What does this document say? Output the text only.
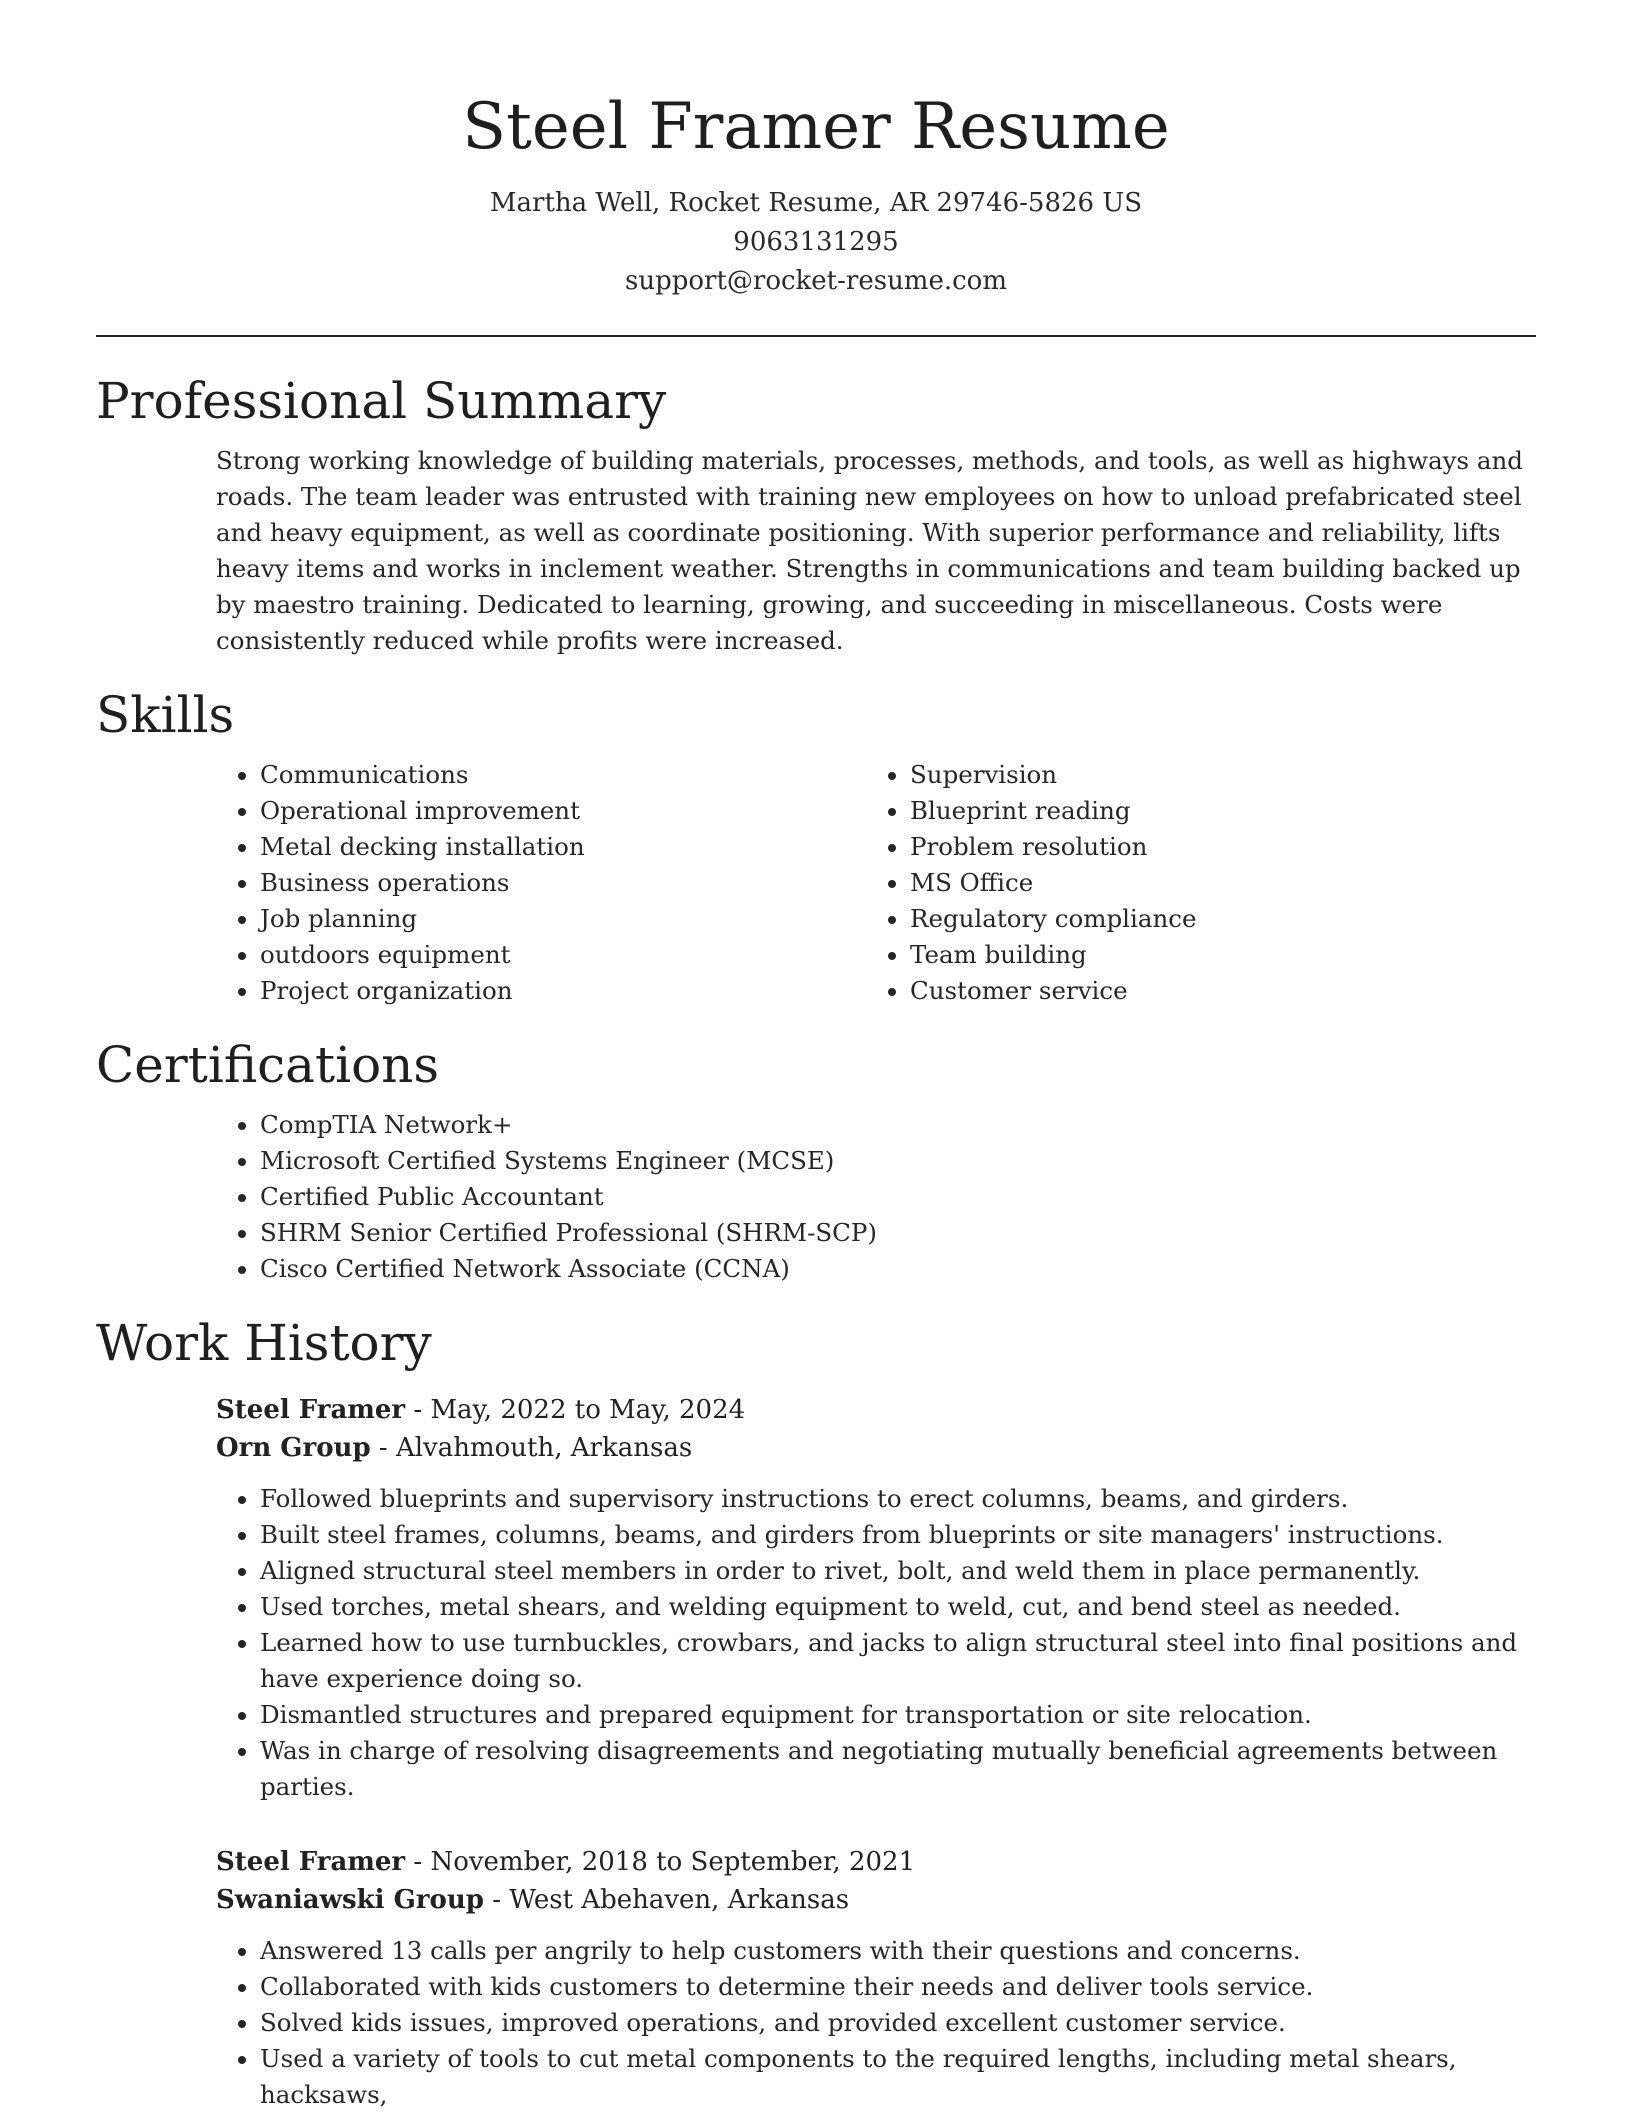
Steel Framer Resume
Martha Well, Rocket Resume, AR 29746-5826 US
9063131295
support@rocket-resume.com
Professional Summary
Strong working knowledge of building materials, processes, methods, and tools, as well as highways and roads. The team leader was entrusted with training new employees on how to unload prefabricated steel and heavy equipment, as well as coordinate positioning. With superior performance and reliability, lifts heavy items and works in inclement weather. Strengths in communications and team building backed up by maestro training. Dedicated to learning, growing, and succeeding in miscellaneous. Costs were consistently reduced while profits were increased.
Skills
• Communications
• Operational improvement
• Metal decking installation
• Business operations
• Job planning
• outdoors equipment
• Project organization
• Supervision
• Blueprint reading
• Problem resolution
• MS Office
• Regulatory compliance
• Team building
• Customer service
Certifications
• CompTIA Network+
• Microsoft Certified Systems Engineer (MCSE)
• Certified Public Accountant
• SHRM Senior Certified Professional (SHRM-SCP)
• Cisco Certified Network Associate (CCNA)
Work History
Steel Framer - May, 2022 to May, 2024
Orn Group - Alvahmouth, Arkansas
• Followed blueprints and supervisory instructions to erect columns, beams, and girders.
• Built steel frames, columns, beams, and girders from blueprints or site managers' instructions.
• Aligned structural steel members in order to rivet, bolt, and weld them in place permanently.
• Used torches, metal shears, and welding equipment to weld, cut, and bend steel as needed.
• Learned how to use turnbuckles, crowbars, and jacks to align structural steel into final positions and have experience doing so.
• Dismantled structures and prepared equipment for transportation or site relocation.
• Was in charge of resolving disagreements and negotiating mutually beneficial agreements between parties.
Steel Framer - November, 2018 to September, 2021
Swaniawski Group - West Abehaven, Arkansas
• Answered 13 calls per angrily to help customers with their questions and concerns.
• Collaborated with kids customers to determine their needs and deliver tools service.
• Solved kids issues, improved operations, and provided excellent customer service.
• Used a variety of tools to cut metal components to the required lengths, including metal shears, hacksaws,
